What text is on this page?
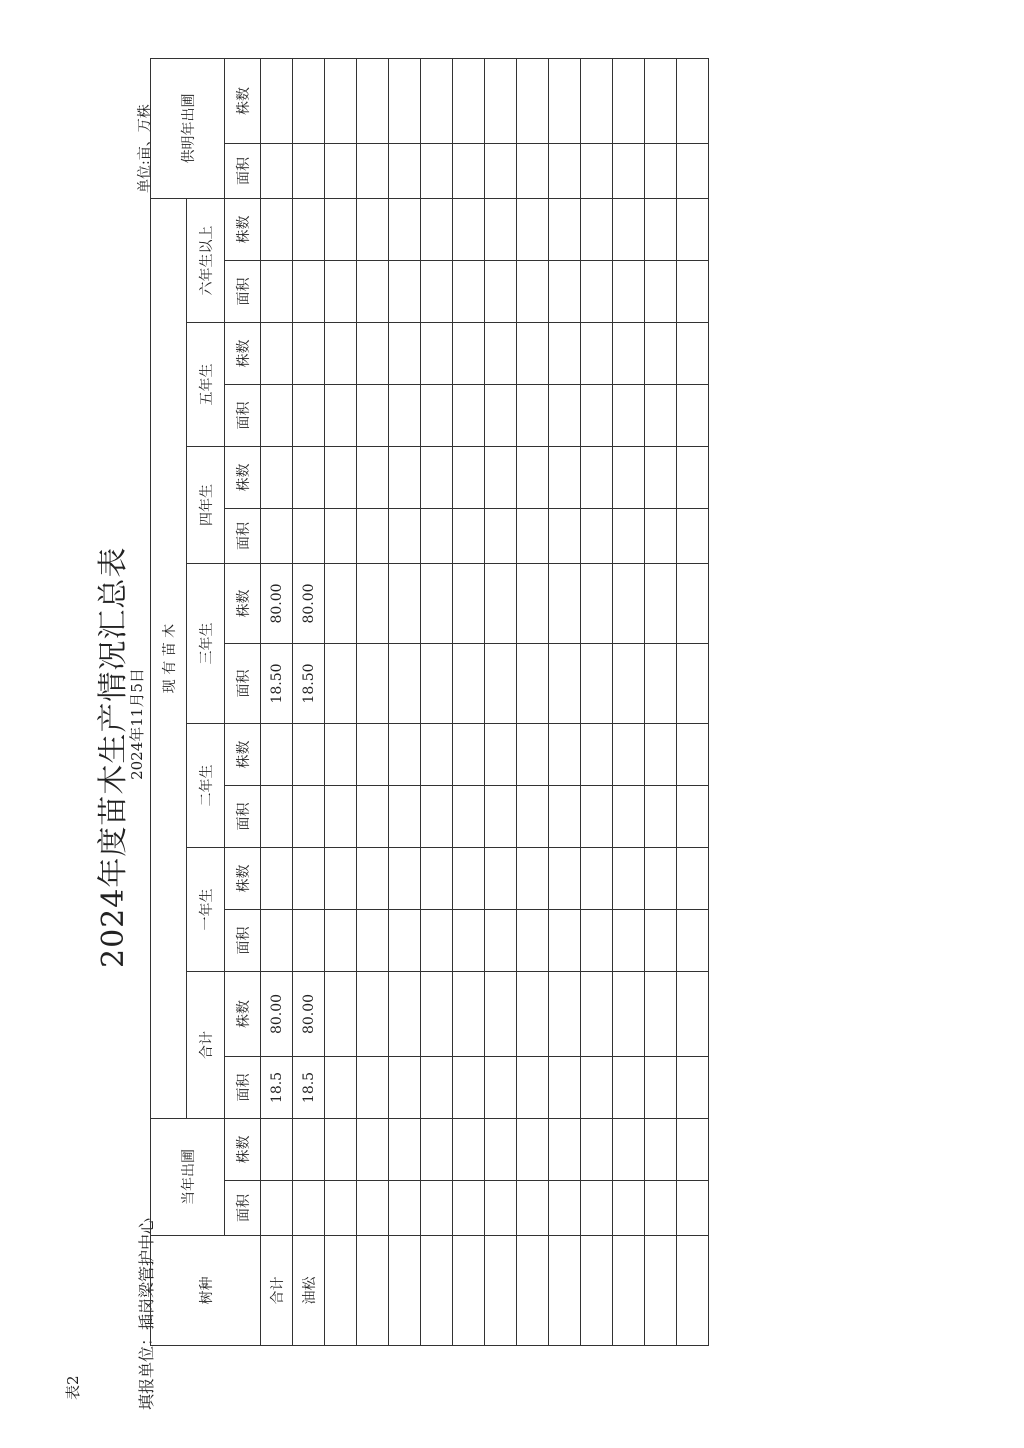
表2
2024年度苗木生产情况汇总表
2024年11月5日
填报单位：插岗梁管护中心
单位:亩、万株
树种	当年出圃		现 有 苗 木														供明年出圃	
			合计		一年生		二年生		三年生		四年生		五年生		六年生以上			
	面积	株数	面积	株数	面积	株数	面积	株数	面积	株数	面积	株数	面积	株数	面积	株数	面积	株数
合计			18.5	80.00					18.50	80.00								
油松			18.5	80.00					18.50	80.00								
